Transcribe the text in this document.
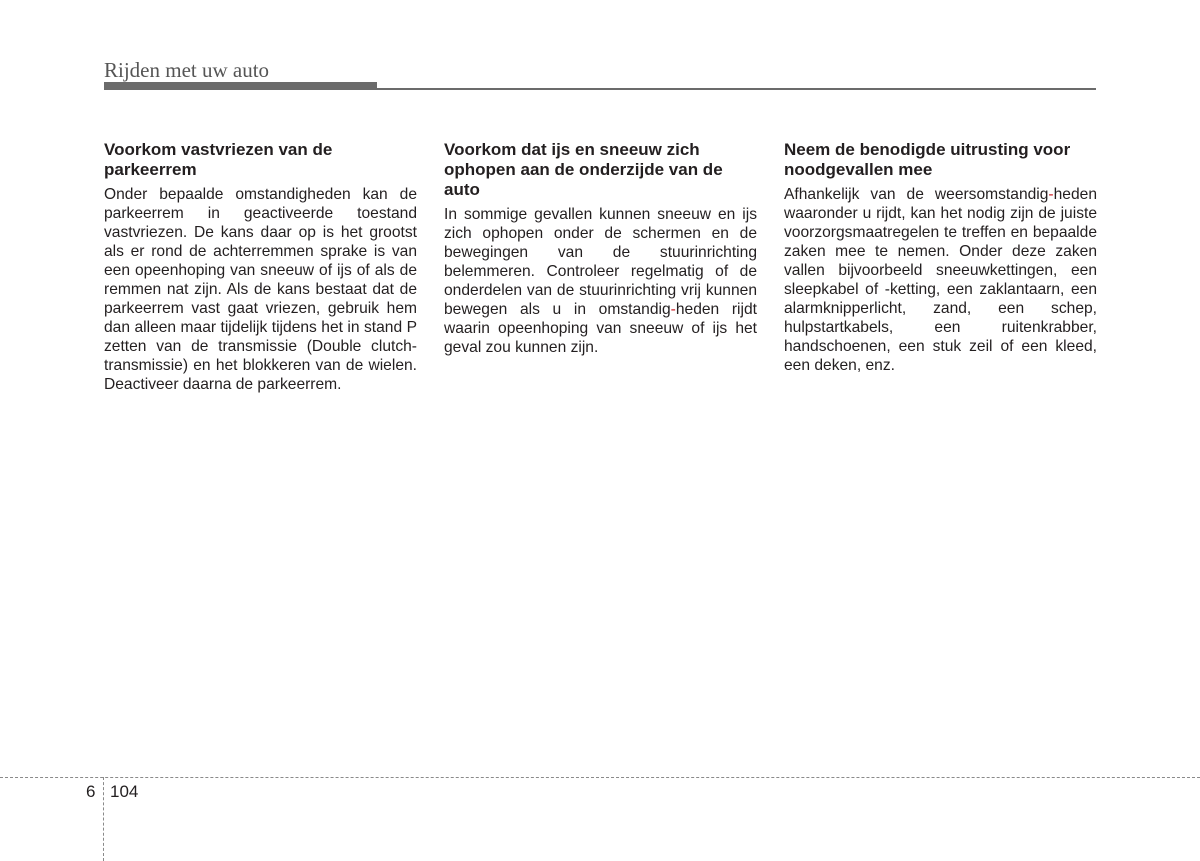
Rijden met uw auto
Voorkom vastvriezen van de parkeerrem

Onder bepaalde omstandigheden kan de parkeerrem in geactiveerde toestand vastvriezen. De kans daar op is het grootst als er rond de achterremmen sprake is van een opeenhoping van sneeuw of ijs of als de remmen nat zijn. Als de kans bestaat dat de parkeerrem vast gaat vriezen, gebruik hem dan alleen maar tijdelijk tijdens het in stand P zetten van de transmissie (Double clutch-transmissie) en het blokkeren van de wielen. Deactiveer daarna de parkeerrem.

Voorkom dat ijs en sneeuw zich ophopen aan de onderzijde van de auto

In sommige gevallen kunnen sneeuw en ijs zich ophopen onder de schermen en de bewegingen van de stuurinrichting belemmeren. Controleer regelmatig of de onderdelen van de stuurinrichting vrij kunnen bewegen als u in omstandig-heden rijdt waarin opeenhoping van sneeuw of ijs het geval zou kunnen zijn.

Neem de benodigde uitrusting voor noodgevallen mee

Afhankelijk van de weersomstandig-heden waaronder u rijdt, kan het nodig zijn de juiste voorzorgsmaatregelen te treffen en bepaalde zaken mee te nemen. Onder deze zaken vallen bijvoorbeeld sneeuwkettingen, een sleepkabel of -ketting, een zaklantaarn, een alarmknipperlicht, zand, een schep, hulpstartkabels, een ruitenkrabber, handschoenen, een stuk zeil of een kleed, een deken, enz.

6 104
